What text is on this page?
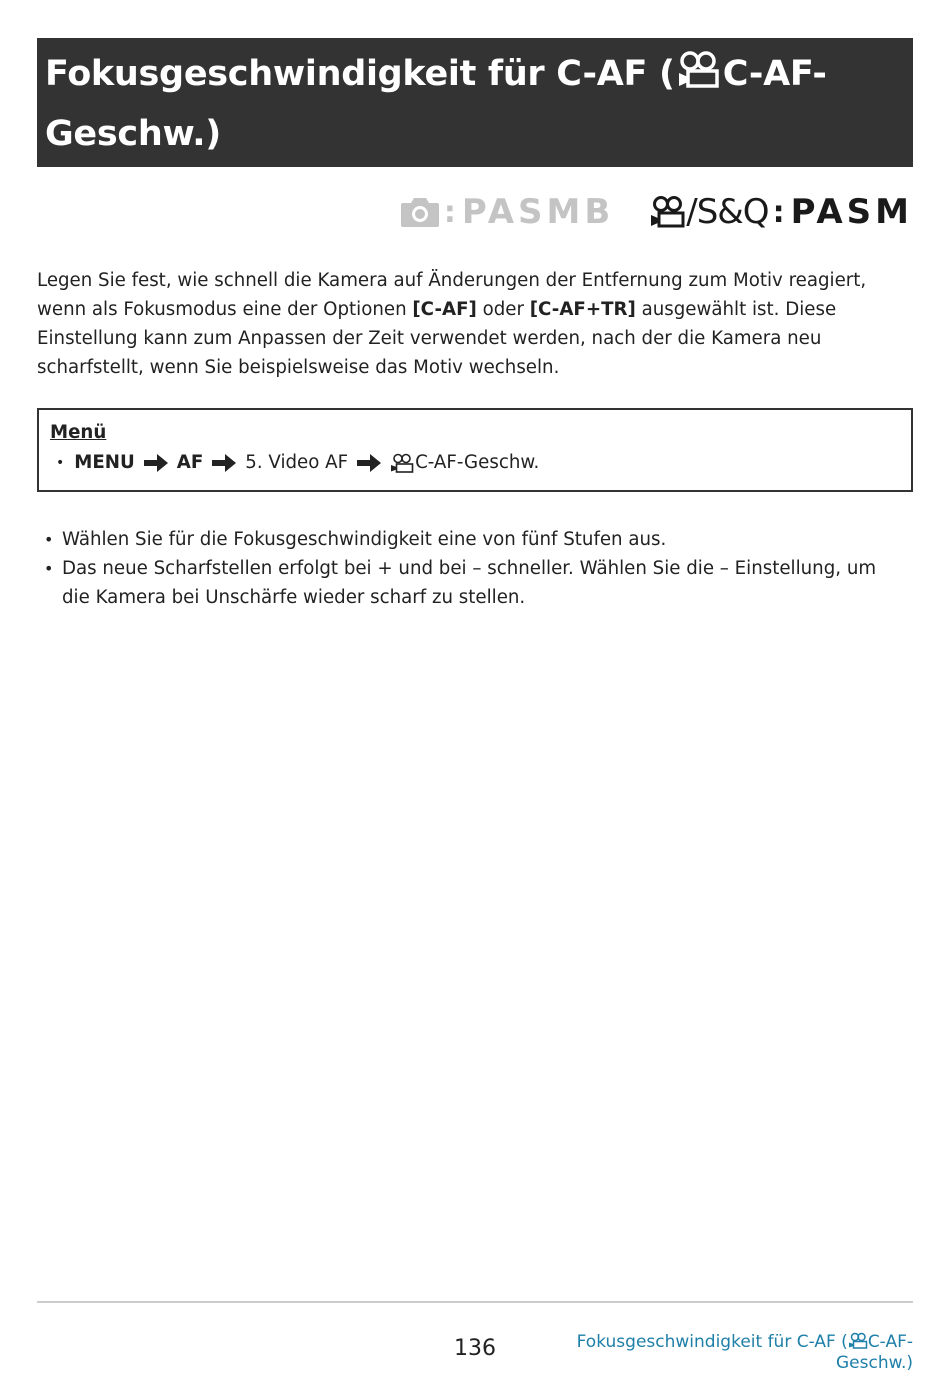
Fokusgeschwindigkeit für C-AF ( C-AF-
Geschw.)
: PASMB /S&Q : PASM

Legen Sie fest, wie schnell die Kamera auf Änderungen der Entfernung zum Motiv reagiert, wenn als Fokusmodus eine der Optionen [C-AF] oder [C-AF+TR] ausgewählt ist. Diese Einstellung kann zum Anpassen der Zeit verwendet werden, nach der die Kamera neu scharfstellt, wenn Sie beispielsweise das Motiv wechseln.

Menü
• MENU AF 5. Video AF	C-AF-Geschw.
• Wählen Sie für die Fokusgeschwindigkeit eine von fünf Stufen aus.
• Das neue Scharfstellen erfolgt bei + und bei – schneller. Wählen Sie die – Einstellung, um die Kamera bei Unschärfe wieder scharf zu stellen.
136	Fokusgeschwindigkeit für C-AF ( C-AF-
Geschw.)
